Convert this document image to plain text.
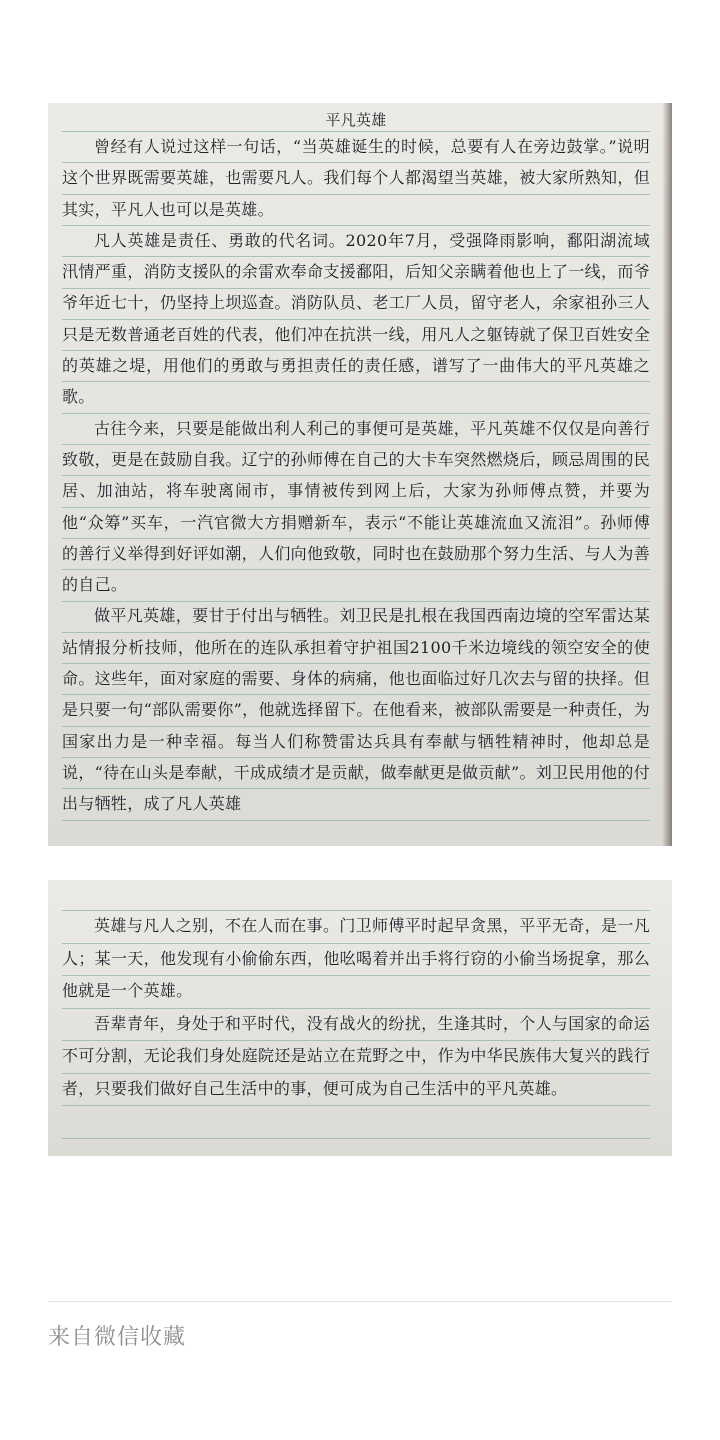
平凡英雄

曾经有人说过这样一句话，“当英雄诞生的时候，总要有人在旁边鼓掌。”说明这个世界既需要英雄，也需要凡人。我们每个人都渴望当英雄，被大家所熟知，但其实，平凡人也可以是英雄。

凡人英雄是责任、勇敢的代名词。2020年7月，受强降雨影响，鄱阳湖流域汛情严重，消防支援队的余雷欢奉命支援鄱阳，后知父亲瞒着他也上了一线，而爷爷年近七十，仍坚持上坝巡查。消防队员、老工厂人员，留守老人，余家祖孙三人只是无数普通老百姓的代表，他们冲在抗洪一线，用凡人之躯铸就了保卫百姓安全的英雄之堤，用他们的勇敢与勇担责任的责任感，谱写了一曲伟大的平凡英雄之歌。

古往今来，只要是能做出利人利己的事便可是英雄，平凡英雄不仅仅是向善行致敬，更是在鼓励自我。辽宁的孙师傅在自己的大卡车突然燃烧后，顾忌周围的民居、加油站，将车驶离闹市，事情被传到网上后，大家为孙师傅点赞，并要为他“众筹”买车，一汽官微大方捐赠新车，表示“不能让英雄流血又流泪”。孙师傅的善行义举得到好评如潮，人们向他致敬，同时也在鼓励那个努力生活、与人为善的自己。

做平凡英雄，要甘于付出与牺牲。刘卫民是扎根在我国西南边境的空军雷达某站情报分析技师，他所在的连队承担着守护祖国2100千米边境线的领空安全的使命。这些年，面对家庭的需要、身体的病痛，他也面临过好几次去与留的抉择。但是只要一句“部队需要你”，他就选择留下。在他看来，被部队需要是一种责任，为国家出力是一种幸福。每当人们称赞雷达兵具有奉献与牺牲精神时，他却总是说，“待在山头是奉献，干成成绩才是贡献，做奉献更是做贡献”。刘卫民用他的付出与牺牲，成了凡人英雄

英雄与凡人之别，不在人而在事。门卫师傅平时起早贪黑，平平无奇，是一凡人；某一天，他发现有小偷偷东西，他吆喝着并出手将行窃的小偷当场捉拿，那么他就是一个英雄。

吾辈青年，身处于和平时代，没有战火的纷扰，生逢其时，个人与国家的命运不可分割，无论我们身处庭院还是站立在荒野之中，作为中华民族伟大复兴的践行者，只要我们做好自己生活中的事，便可成为自己生活中的平凡英雄。

来自微信收藏
